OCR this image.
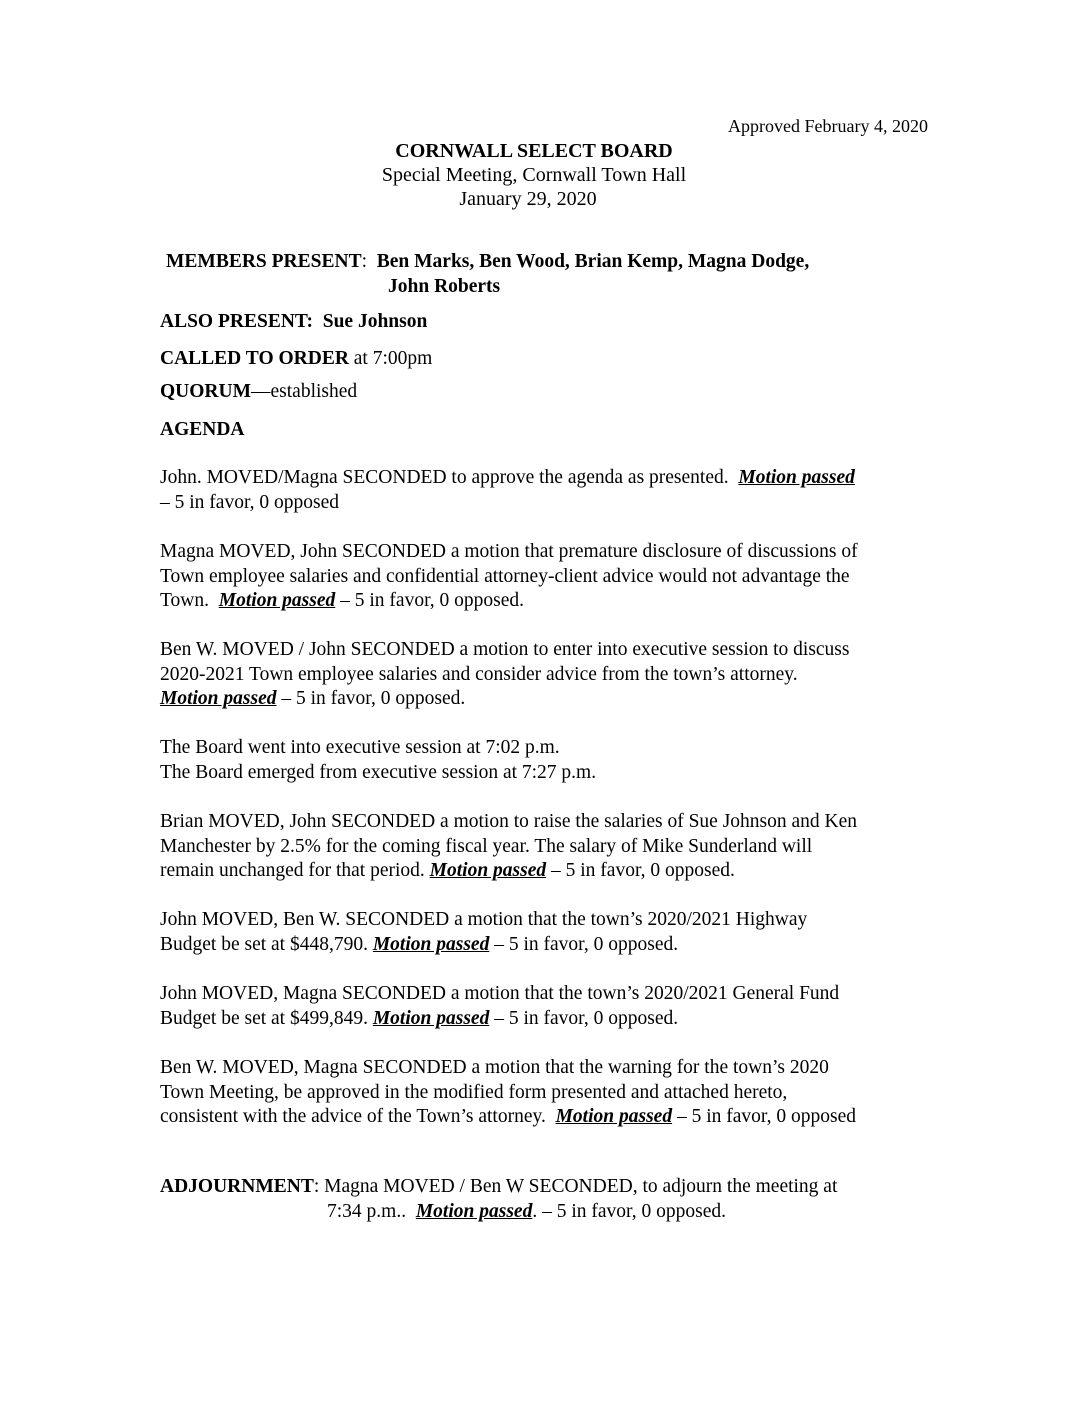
Approved February 4, 2020

CORNWALL SELECT BOARD
Special Meeting, Cornwall Town Hall
January 29, 2020
MEMBERS PRESENT:  Ben Marks, Ben Wood, Brian Kemp, Magna Dodge,
John Roberts

ALSO PRESENT: Sue Johnson

CALLED TO ORDER at 7:00pm

QUORUM—established

AGENDA

John. MOVED/Magna SECONDED to approve the agenda as presented. Motion passed
– 5 in favor, 0 opposed

Magna MOVED, John SECONDED a motion that premature disclosure of discussions of
Town employee salaries and confidential attorney-client advice would not advantage the
Town. Motion passed – 5 in favor, 0 opposed.

Ben W. MOVED / John SECONDED a motion to enter into executive session to discuss
2020-2021 Town employee salaries and consider advice from the town’s attorney.
Motion passed – 5 in favor, 0 opposed.

The Board went into executive session at 7:02 p.m.
The Board emerged from executive session at 7:27 p.m.

Brian MOVED, John SECONDED a motion to raise the salaries of Sue Johnson and Ken
Manchester by 2.5% for the coming fiscal year. The salary of Mike Sunderland will
remain unchanged for that period. Motion passed – 5 in favor, 0 opposed.

John MOVED, Ben W. SECONDED a motion that the town’s 2020/2021 Highway
Budget be set at $448,790. Motion passed – 5 in favor, 0 opposed.

John MOVED, Magna SECONDED a motion that the town’s 2020/2021 General Fund
Budget be set at $499,849. Motion passed – 5 in favor, 0 opposed.

Ben W. MOVED, Magna SECONDED a motion that the warning for the town’s 2020
Town Meeting, be approved in the modified form presented and attached hereto,
consistent with the advice of the Town’s attorney. Motion passed – 5 in favor, 0 opposed

ADJOURNMENT: Magna MOVED / Ben W SECONDED, to adjourn the meeting at
7:34 p.m.. Motion passed. – 5 in favor, 0 opposed.
